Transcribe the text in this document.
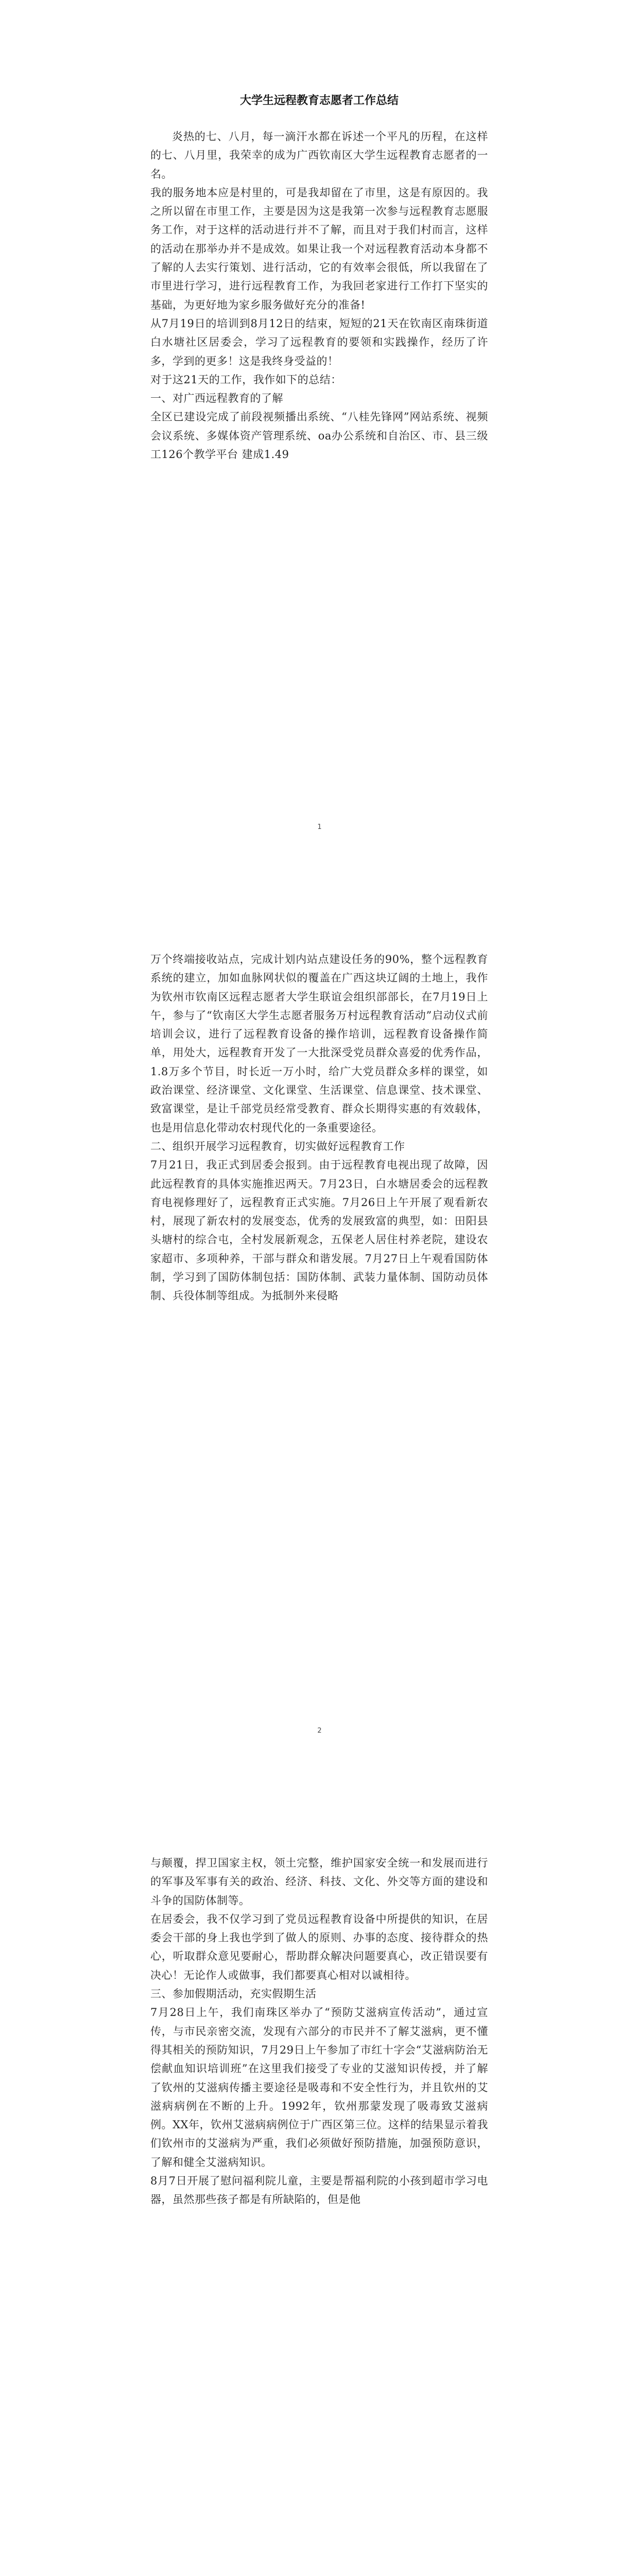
大学生远程教育志愿者工作总结

炎热的七、八月，每一滴汗水都在诉述一个平凡的历程，在这样的七、八月里，我荣幸的成为广西钦南区大学生远程教育志愿者的一名。

我的服务地本应是村里的，可是我却留在了市里，这是有原因的。我之所以留在市里工作，主要是因为这是我第一次参与远程教育志愿服务工作，对于这样的活动进行并不了解，而且对于我们村而言，这样的活动在那举办并不是成效。如果让我一个对远程教育活动本身都不了解的人去实行策划、进行活动，它的有效率会很低，所以我留在了市里进行学习，进行远程教育工作，为我回老家进行工作打下坚实的基础，为更好地为家乡服务做好充分的准备!

从7月19日的培训到8月12日的结束，短短的21天在钦南区南珠街道白水塘社区居委会，学习了远程教育的要领和实践操作，经历了许多，学到的更多！这是我终身受益的！

对于这21天的工作，我作如下的总结：

一、对广西远程教育的了解

全区已建设完成了前段视频播出系统、“八桂先锋网”网站系统、视频会议系统、多媒体资产管理系统、oa办公系统和自治区、市、县三级工126个教学平台 建成1.49

1

万个终端接收站点，完成计划内站点建设任务的90%，整个远程教育系统的建立，加如血脉网状似的覆盖在广西这块辽阔的土地上，我作为钦州市钦南区远程志愿者大学生联谊会组织部部长，在7月19日上午，参与了“钦南区大学生志愿者服务万村远程教育活动”启动仪式前培训会议，进行了远程教育设备的操作培训，远程教育设备操作简单，用处大，远程教育开发了一大批深受党员群众喜爱的优秀作品，1.8万多个节目，时长近一万小时，给广大党员群众多样的课堂，如政治课堂、经济课堂、文化课堂、生活课堂、信息课堂、技术课堂、致富课堂，是让千部党员经常受教育、群众长期得实惠的有效载体，也是用信息化带动农村现代化的一条重要途径。

二、组织开展学习远程教育，切实做好远程教育工作

7月21日，我正式到居委会报到。由于远程教育电视出现了故障，因此远程教育的具体实施推迟两天。7月23日，白水塘居委会的远程教育电视修理好了，远程教育正式实施。7月26日上午开展了观看新农村，展现了新农村的发展变态，优秀的发展致富的典型，如：田阳县头塘村的综合屯，全村发展新观念，五保老人居住村养老院，建设农家超市、多项种养，干部与群众和谐发展。7月27日上午观看国防体制，学习到了国防体制包括：国防体制、武装力量体制、国防动员体制、兵役体制等组成。为抵制外来侵略

2

与颠覆，捍卫国家主权，领土完整，维护国家安全统一和发展而进行的军事及军事有关的政治、经济、科技、文化、外交等方面的建设和斗争的国防体制等。

在居委会，我不仅学习到了党员远程教育设备中所提供的知识，在居委会干部的身上我也学到了做人的原则、办事的态度、接待群众的热心，听取群众意见要耐心，帮助群众解决问题要真心，改正错误要有决心！无论作人或做事，我们都要真心相对以诚相待。

三、参加假期活动，充实假期生活

7月28日上午，我们南珠区举办了“预防艾滋病宣传活动”，通过宣传，与市民亲密交流，发现有六部分的市民并不了解艾滋病，更不懂得其相关的预防知识，7月29日上午参加了市红十字会“艾滋病防治无偿献血知识培训班”在这里我们接受了专业的艾滋知识传授，并了解了钦州的艾滋病传播主要途径是吸毒和不安全性行为，并且钦州的艾滋病病例在不断的上升。1992年，钦州那蒙发现了吸毒致艾滋病例。XX年，钦州艾滋病病例位于广西区第三位。这样的结果显示着我们钦州市的艾滋病为严重，我们必须做好预防措施，加强预防意识，了解和健全艾滋病知识。

8月7日开展了慰问福利院儿童，主要是帮福利院的小孩到超市学习电器，虽然那些孩子都是有所缺陷的，但是他
